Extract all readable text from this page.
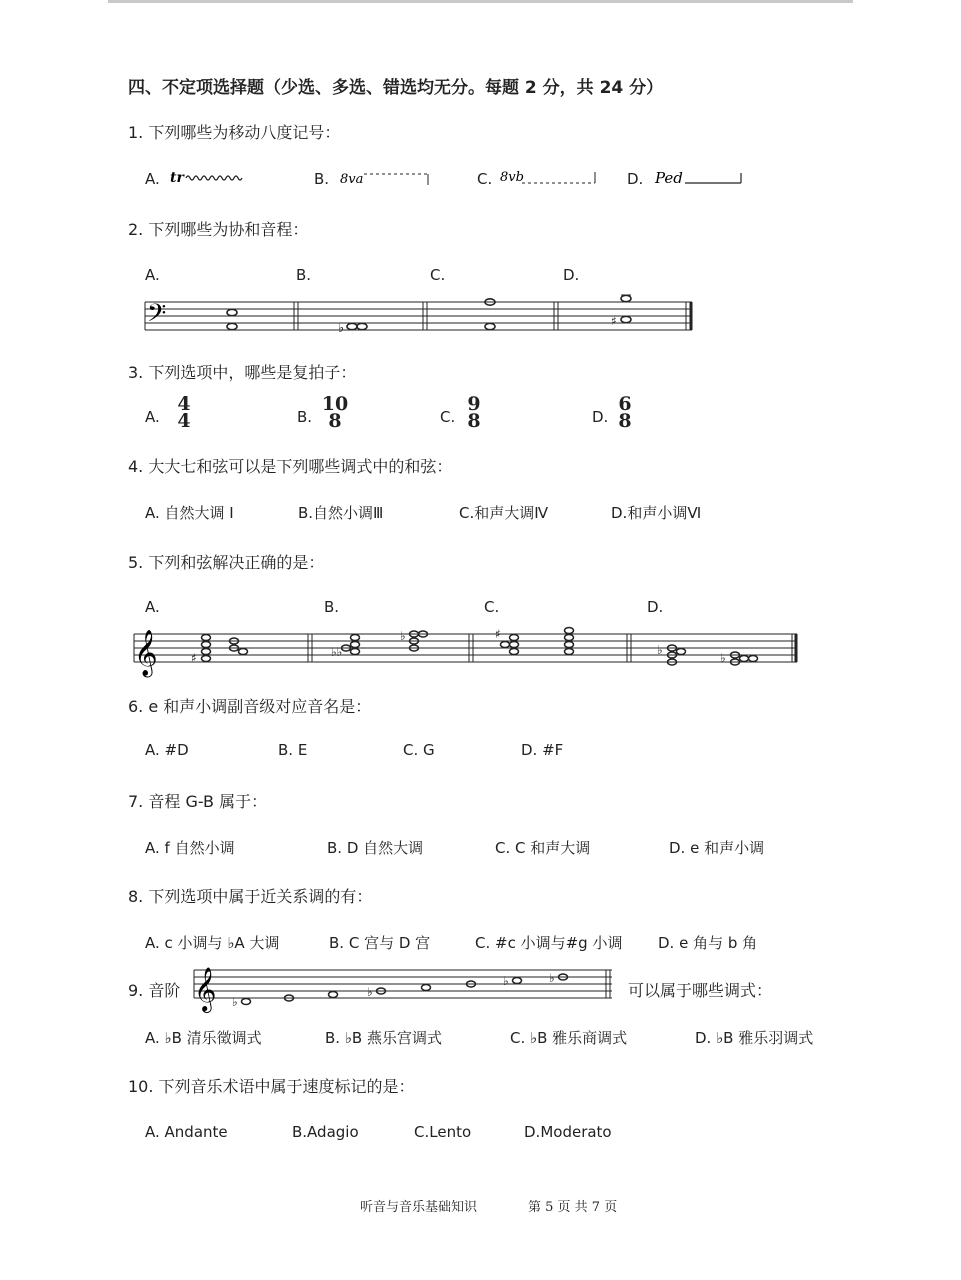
四、不定项选择题（少选、多选、错选均无分。每题 2 分，共 24 分）
1. 下列哪些为移动八度记号：
A. tr	B. 8va	C. 8vb	D. Ped
2. 下列哪些为协和音程：
A.	B.	C.	D.
𝄢	♭	♯
3. 下列选项中，哪些是复拍子：
A.
4
4	B.
10
8	C.
9
8	D.
6
8
4. 大大七和弦可以是下列哪些调式中的和弦：
A. 自然大调 Ⅰ	B.自然小调Ⅲ	C.和声大调Ⅳ	D.和声小调Ⅵ
5. 下列和弦解决正确的是：
A.	B.	C.	D.
𝄞	♯	♭♭
♭	♯
♭
♭
6. e 和声小调副音级对应音名是：
A. #D	B. E	C. G	D. #F
7. 音程 G-B 属于：
A. f 自然小调	B. D 自然大调	C. C 和声大调	D. e 和声小调
8. 下列选项中属于近关系调的有：
A. c 小调与 ♭A 大调	B. C 宫与 D 宫	C. #c 小调与#g 小调 D. e 角与 b 角
9. 音阶 𝄞 ♭
♭
♭	♭
可以属于哪些调式：
A. ♭B 清乐徵调式	B. ♭B 燕乐宫调式	C. ♭B 雅乐商调式	D. ♭B 雅乐羽调式
10. 下列音乐术语中属于速度标记的是：
A. Andante	B.Adagio	C.Lento	D.Moderato
听音与音乐基础知识	第 5 页 共 7 页
